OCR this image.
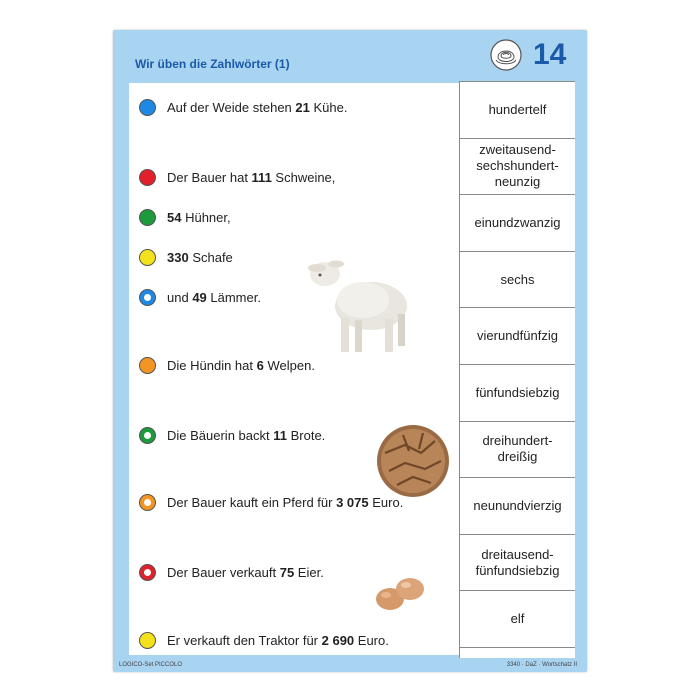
Wir üben die Zahlwörter (1)	14
Auf der Weide stehen 21 Kühe.
Der Bauer hat 111 Schweine,
54 Hühner,
330 Schafe
und 49 Lämmer.
Die Hündin hat 6 Welpen.
Die Bäuerin backt 11 Brote.
Der Bauer kauft ein Pferd für 3 075 Euro.
Der Bauer verkauft 75 Eier.
Er verkauft den Traktor für 2 690 Euro.
hundertelf
zweitausend-
sechshundert-
neunzig
einundzwanzig
sechs
vierundfünfzig
fünfundsiebzig
dreihundert-
dreißig
neunundvierzig
dreitausend-
fünfundsiebzig
elf
LOGICO-Set PICCOLO	3340 · DaZ · Wortschatz II
